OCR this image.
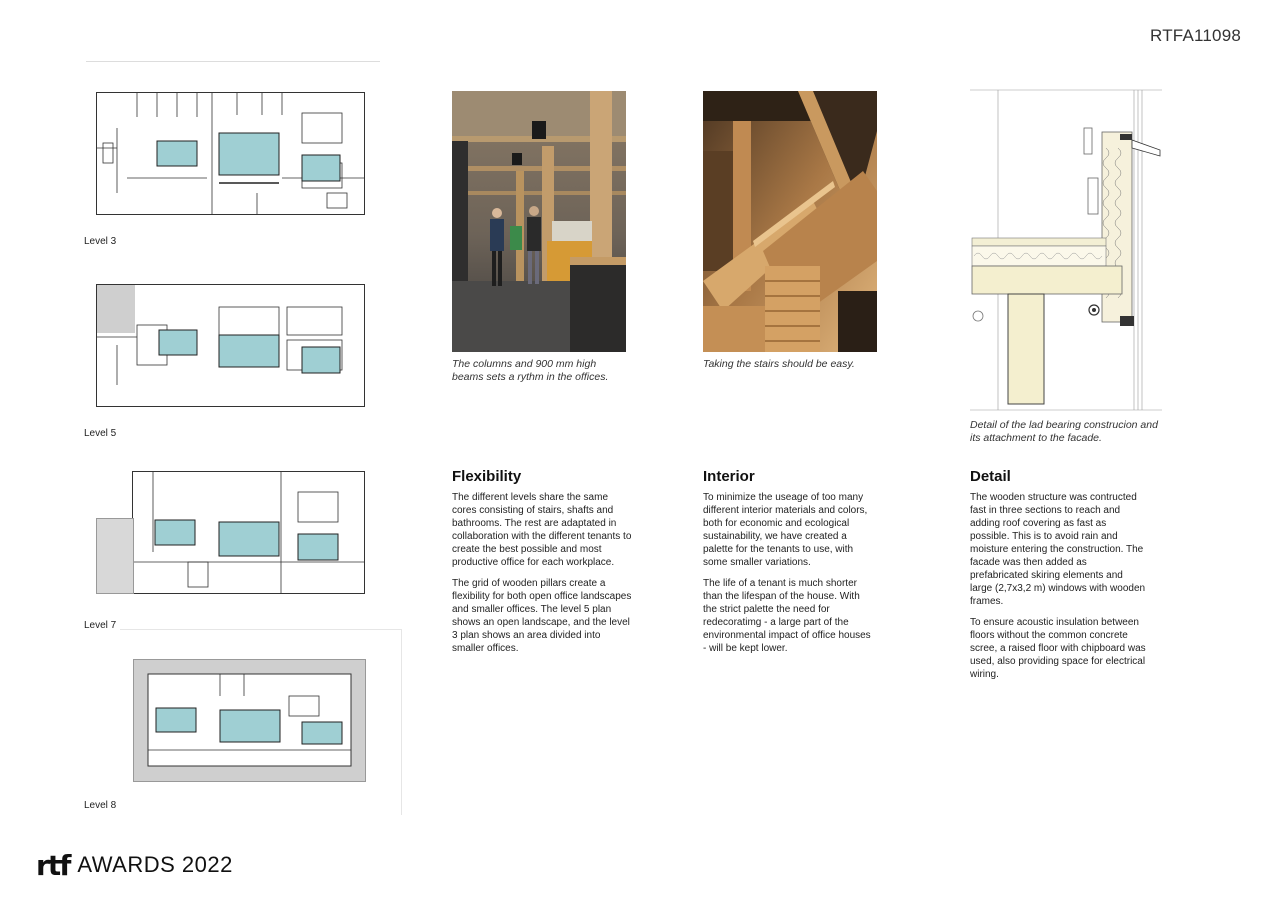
RTFA11098
Level 3
Level 5
Level 7
Level 8
The columns and 900 mm high beams sets a rythm in the offices.
Taking the stairs should be easy.
Detail of the lad bearing construcion and its attachment to the facade.
Flexibility

The different levels share the same cores consisting of stairs, shafts and bathrooms. The rest are adaptated in collaboration with the different tenants to create the best possible and most productive office for each workplace.

The grid of wooden pillars create a flexibility for both open office landscapes and smaller offices. The level 5 plan shows an open landscape, and the level 3 plan shows an area divided into smaller offices.

Interior

To minimize the useage of too many different interior materials and colors, both for economic and ecological sustainability, we have created a palette for the tenants to use, with some smaller variations.

The life of a tenant is much shorter than the lifespan of the house. With the strict palette the need for redecoratimg - a large part of the environmental impact of office houses - will be kept lower.

Detail

The wooden structure was contructed fast in three sections to reach and adding roof covering as fast as possible. This is to avoid rain and moisture entering the construction. The facade was then added as prefabricated skiring elements and large (2,7x3,2 m) windows with wooden frames.

To ensure acoustic insulation between floors without the common concrete scree, a raised floor with chipboard was used, also providing space for electrical wiring.

rtf AWARDS 2022
